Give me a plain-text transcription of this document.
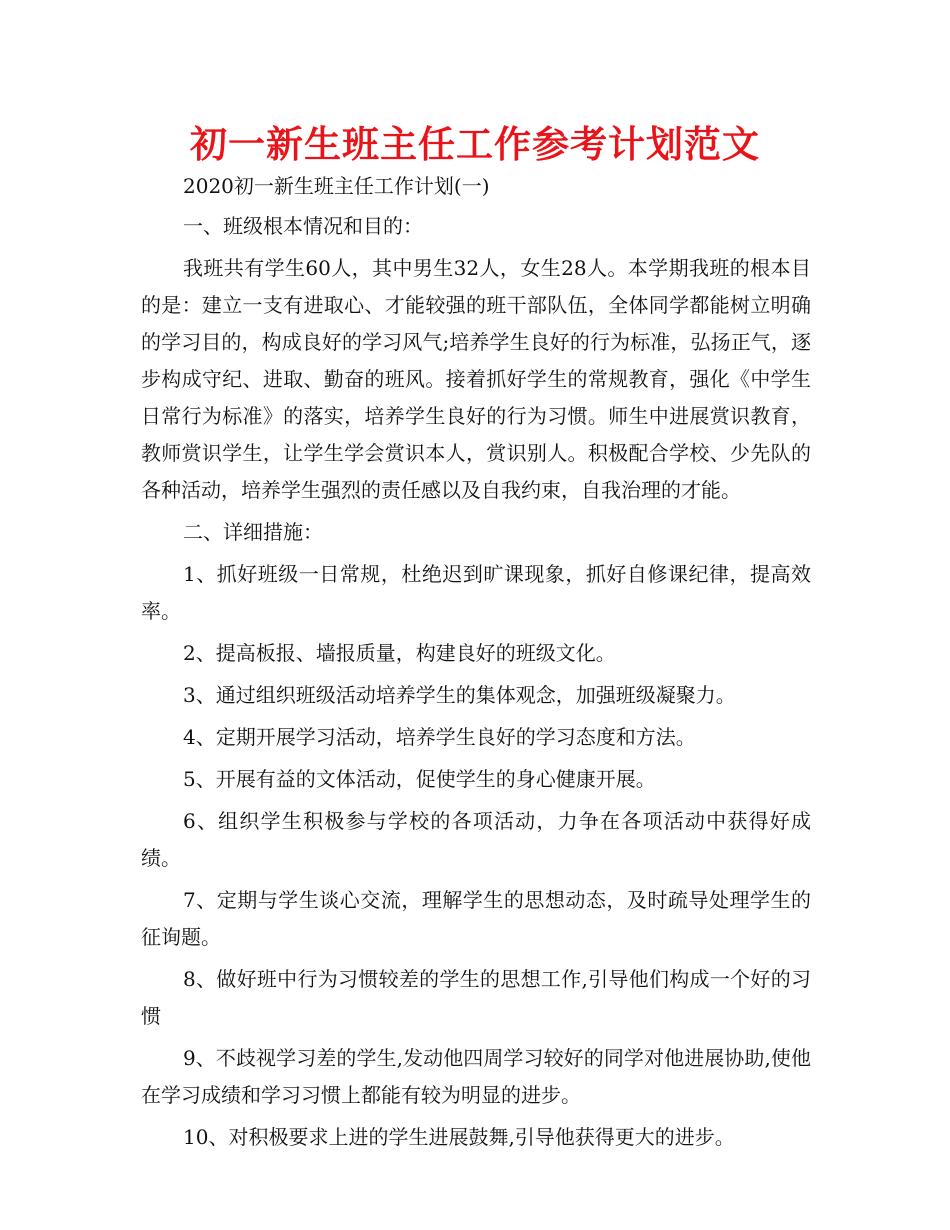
初一新生班主任工作参考计划范文

2020初一新生班主任工作计划(一)

一、班级根本情况和目的：

我班共有学生60人，其中男生32人，女生28人。本学期我班的根本目的是：建立一支有进取心、才能较强的班干部队伍，全体同学都能树立明确的学习目的，构成良好的学习风气;培养学生良好的行为标准，弘扬正气，逐步构成守纪、进取、勤奋的班风。接着抓好学生的常规教育，强化《中学生日常行为标准》的落实，培养学生良好的行为习惯。师生中进展赏识教育，教师赏识学生，让学生学会赏识本人，赏识别人。积极配合学校、少先队的各种活动，培养学生强烈的责任感以及自我约束，自我治理的才能。

二、详细措施：

1、抓好班级一日常规，杜绝迟到旷课现象，抓好自修课纪律，提高效率。

2、提高板报、墙报质量，构建良好的班级文化。

3、通过组织班级活动培养学生的集体观念，加强班级凝聚力。

4、定期开展学习活动，培养学生良好的学习态度和方法。

5、开展有益的文体活动，促使学生的身心健康开展。

6、组织学生积极参与学校的各项活动，力争在各项活动中获得好成绩。

7、定期与学生谈心交流，理解学生的思想动态，及时疏导处理学生的征询题。

8、做好班中行为习惯较差的学生的思想工作,引导他们构成一个好的习惯

9、不歧视学习差的学生,发动他四周学习较好的同学对他进展协助,使他在学习成绩和学习习惯上都能有较为明显的进步。

10、对积极要求上进的学生进展鼓舞,引导他获得更大的进步。
